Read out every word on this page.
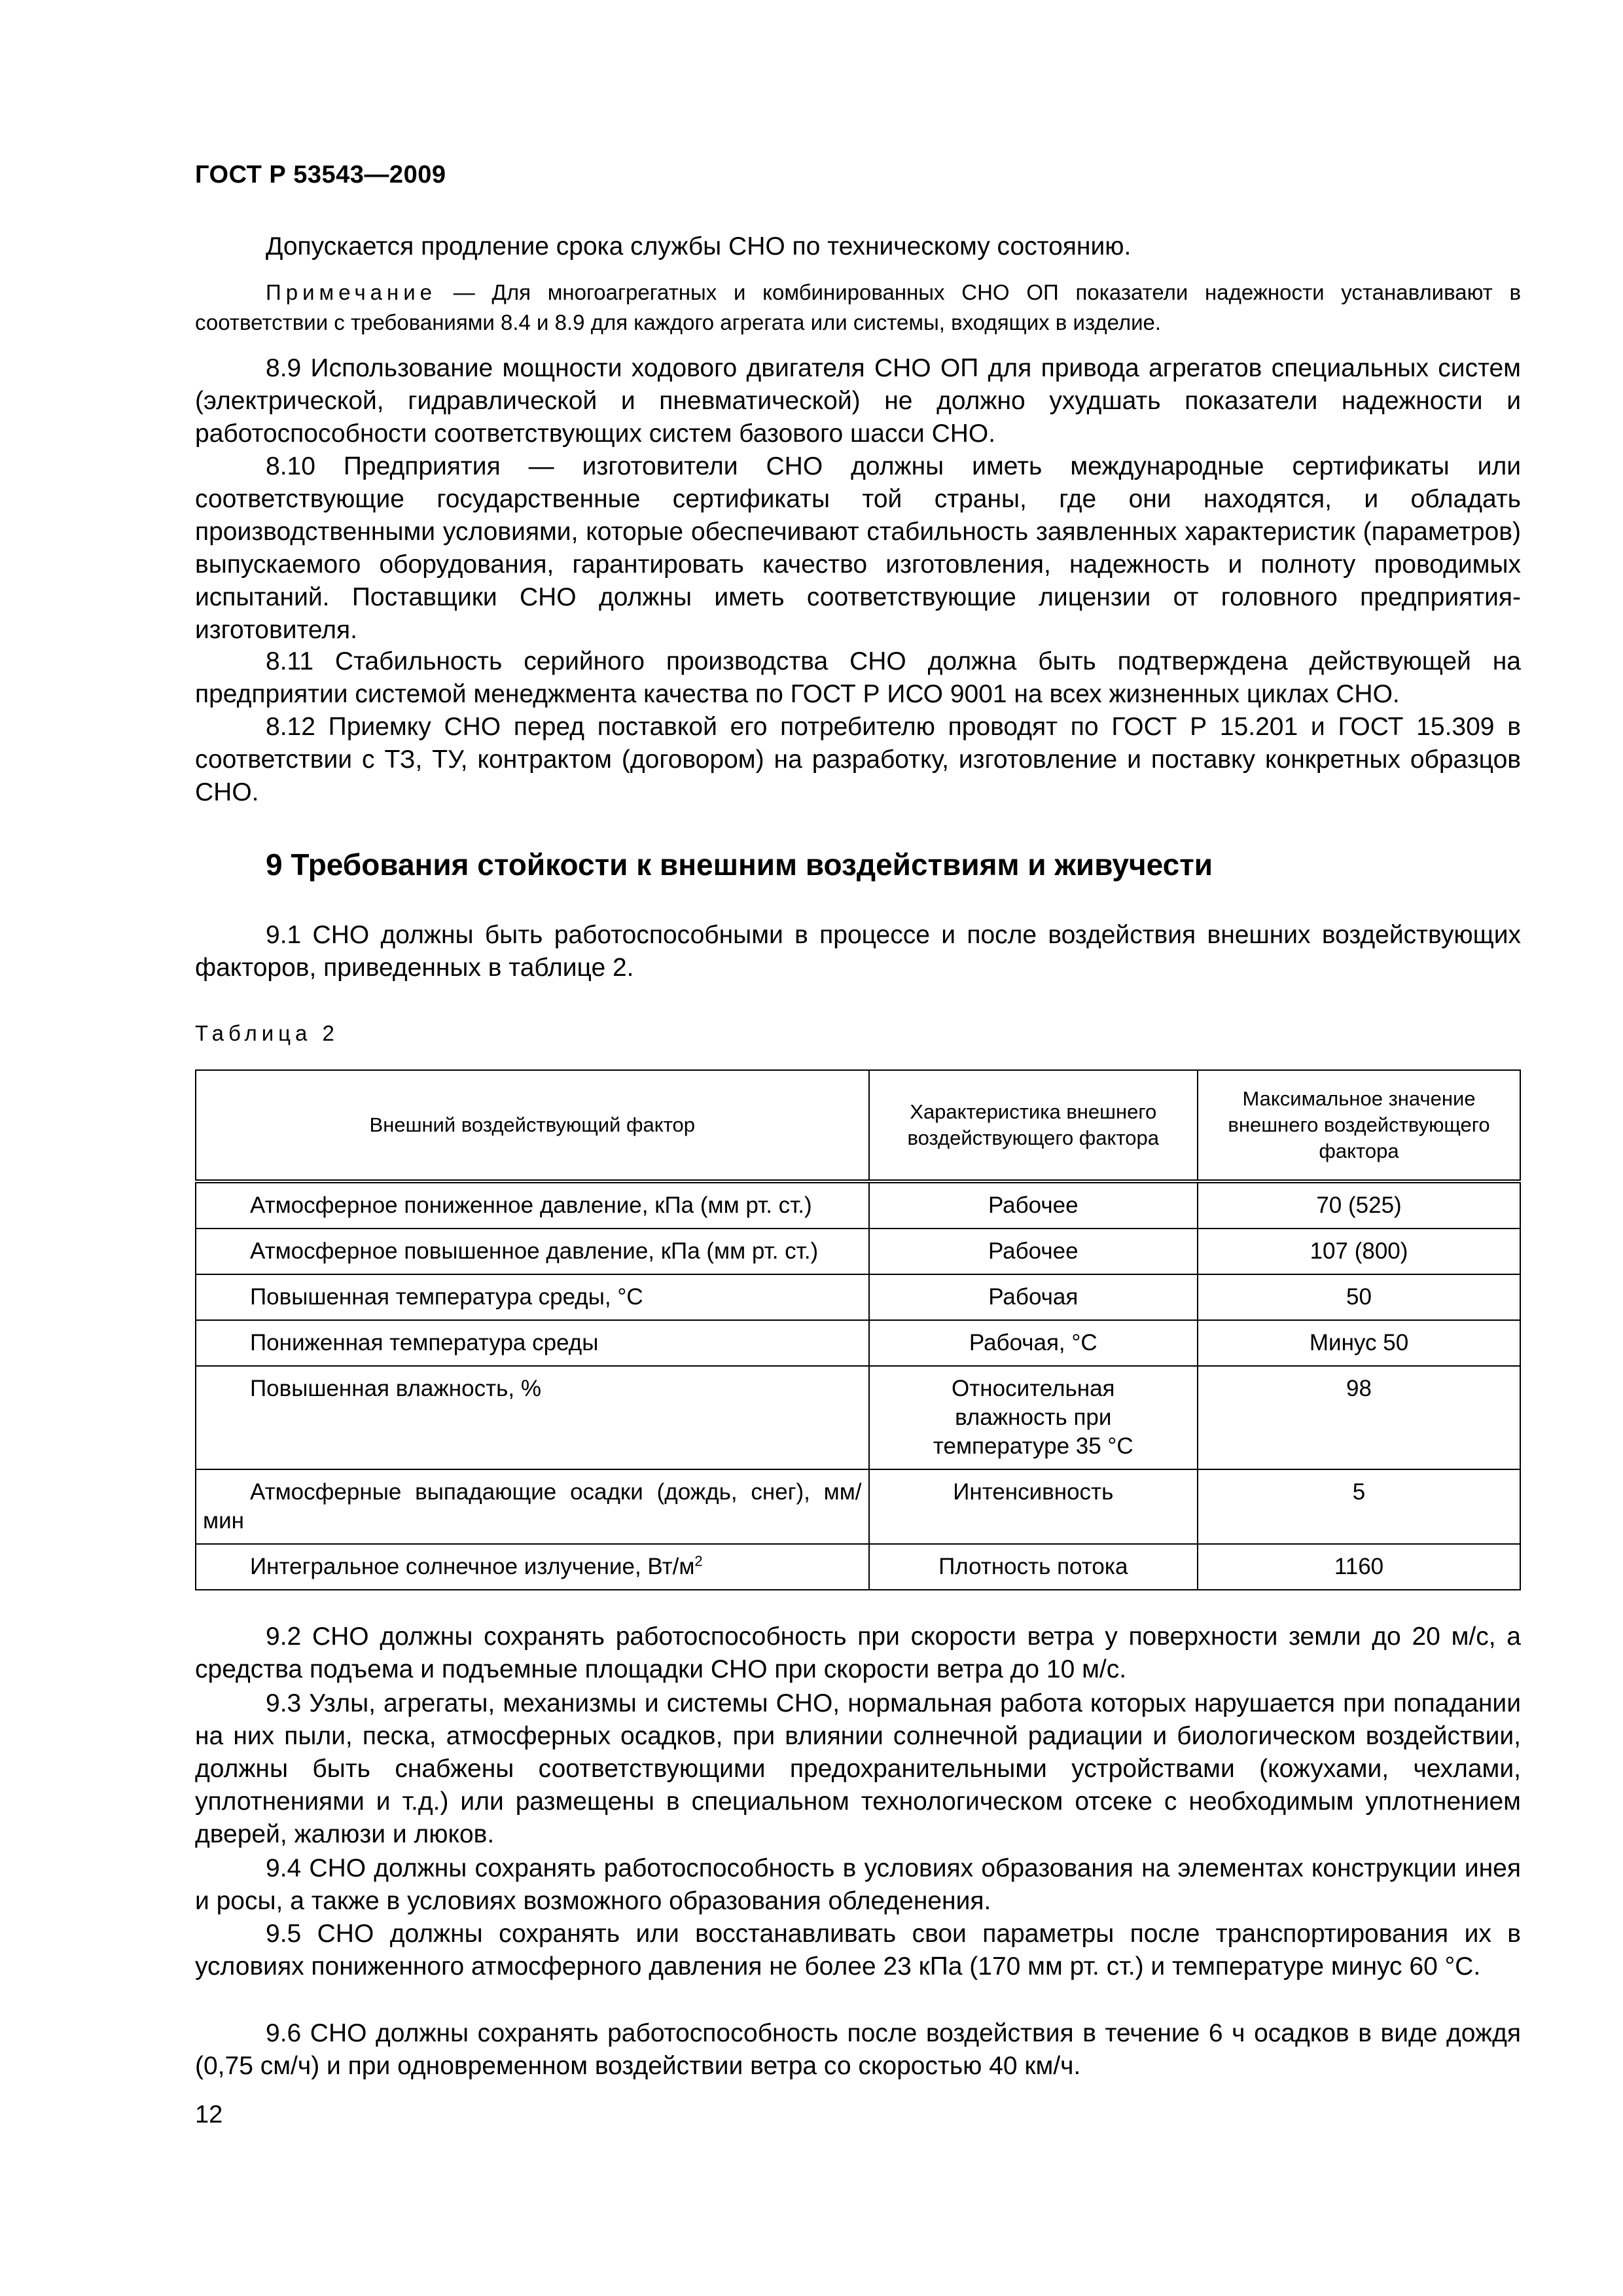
ГОСТ Р 53543—2009
Допускается продление срока службы СНО по техническому состоянию.
Примечание — Для многоагрегатных и комбинированных СНО ОП показатели надежности устанавливают в соответствии с требованиями 8.4 и 8.9 для каждого агрегата или системы, входящих в изделие.
8.9 Использование мощности ходового двигателя СНО ОП для привода агрегатов специальных систем (электрической, гидравлической и пневматической) не должно ухудшать показатели надежности и работоспособности соответствующих систем базового шасси СНО.
8.10 Предприятия — изготовители СНО должны иметь международные сертификаты или соответствующие государственные сертификаты той страны, где они находятся, и обладать производственными условиями, которые обеспечивают стабильность заявленных характеристик (параметров) выпускаемого оборудования, гарантировать качество изготовления, надежность и полноту проводимых испытаний. Поставщики СНО должны иметь соответствующие лицензии от головного предприятия-изготовителя.
8.11 Стабильность серийного производства СНО должна быть подтверждена действующей на предприятии системой менеджмента качества по ГОСТ Р ИСО 9001 на всех жизненных циклах СНО.
8.12 Приемку СНО перед поставкой его потребителю проводят по ГОСТ Р 15.201 и ГОСТ 15.309 в соответствии с ТЗ, ТУ, контрактом (договором) на разработку, изготовление и поставку конкретных образцов СНО.
9 Требования стойкости к внешним воздействиям и живучести
9.1 СНО должны быть работоспособными в процессе и после воздействия внешних воздействующих факторов, приведенных в таблице 2.
Таблица 2
Внешний воздействующий фактор	Характеристика внешнего воздействующего фактора	Максимальное значение внешнего воздействующего фактора
Атмосферное пониженное давление, кПа (мм рт. ст.)	Рабочее	70 (525)
Атмосферное повышенное давление, кПа (мм рт. ст.)	Рабочее	107 (800)
Повышенная температура среды, °С	Рабочая	50
Пониженная температура среды	Рабочая, °С	Минус 50
Повышенная влажность, %	Относительная влажность при температуре 35 °С	98
Атмосферные выпадающие осадки (дождь, снег), мм/мин	Интенсивность	5
Интегральное солнечное излучение, $Вт/м^2$	Плотность потока	1160
9.2 СНО должны сохранять работоспособность при скорости ветра у поверхности земли до 20 м/с, а средства подъема и подъемные площадки СНО при скорости ветра до 10 м/с.
9.3 Узлы, агрегаты, механизмы и системы СНО, нормальная работа которых нарушается при попадании на них пыли, песка, атмосферных осадков, при влиянии солнечной радиации и биологическом воздействии, должны быть снабжены соответствующими предохранительными устройствами (кожухами, чехлами, уплотнениями и т.д.) или размещены в специальном технологическом отсеке с необходимым уплотнением дверей, жалюзи и люков.
9.4 СНО должны сохранять работоспособность в условиях образования на элементах конструкции инея и росы, а также в условиях возможного образования обледенения.
9.5 СНО должны сохранять или восстанавливать свои параметры после транспортирования их в условиях пониженного атмосферного давления не более 23 кПа (170 мм рт. ст.) и температуре минус 60 °С.
9.6 СНО должны сохранять работоспособность после воздействия в течение 6 ч осадков в виде дождя (0,75 см/ч) и при одновременном воздействии ветра со скоростью 40 км/ч.
12
